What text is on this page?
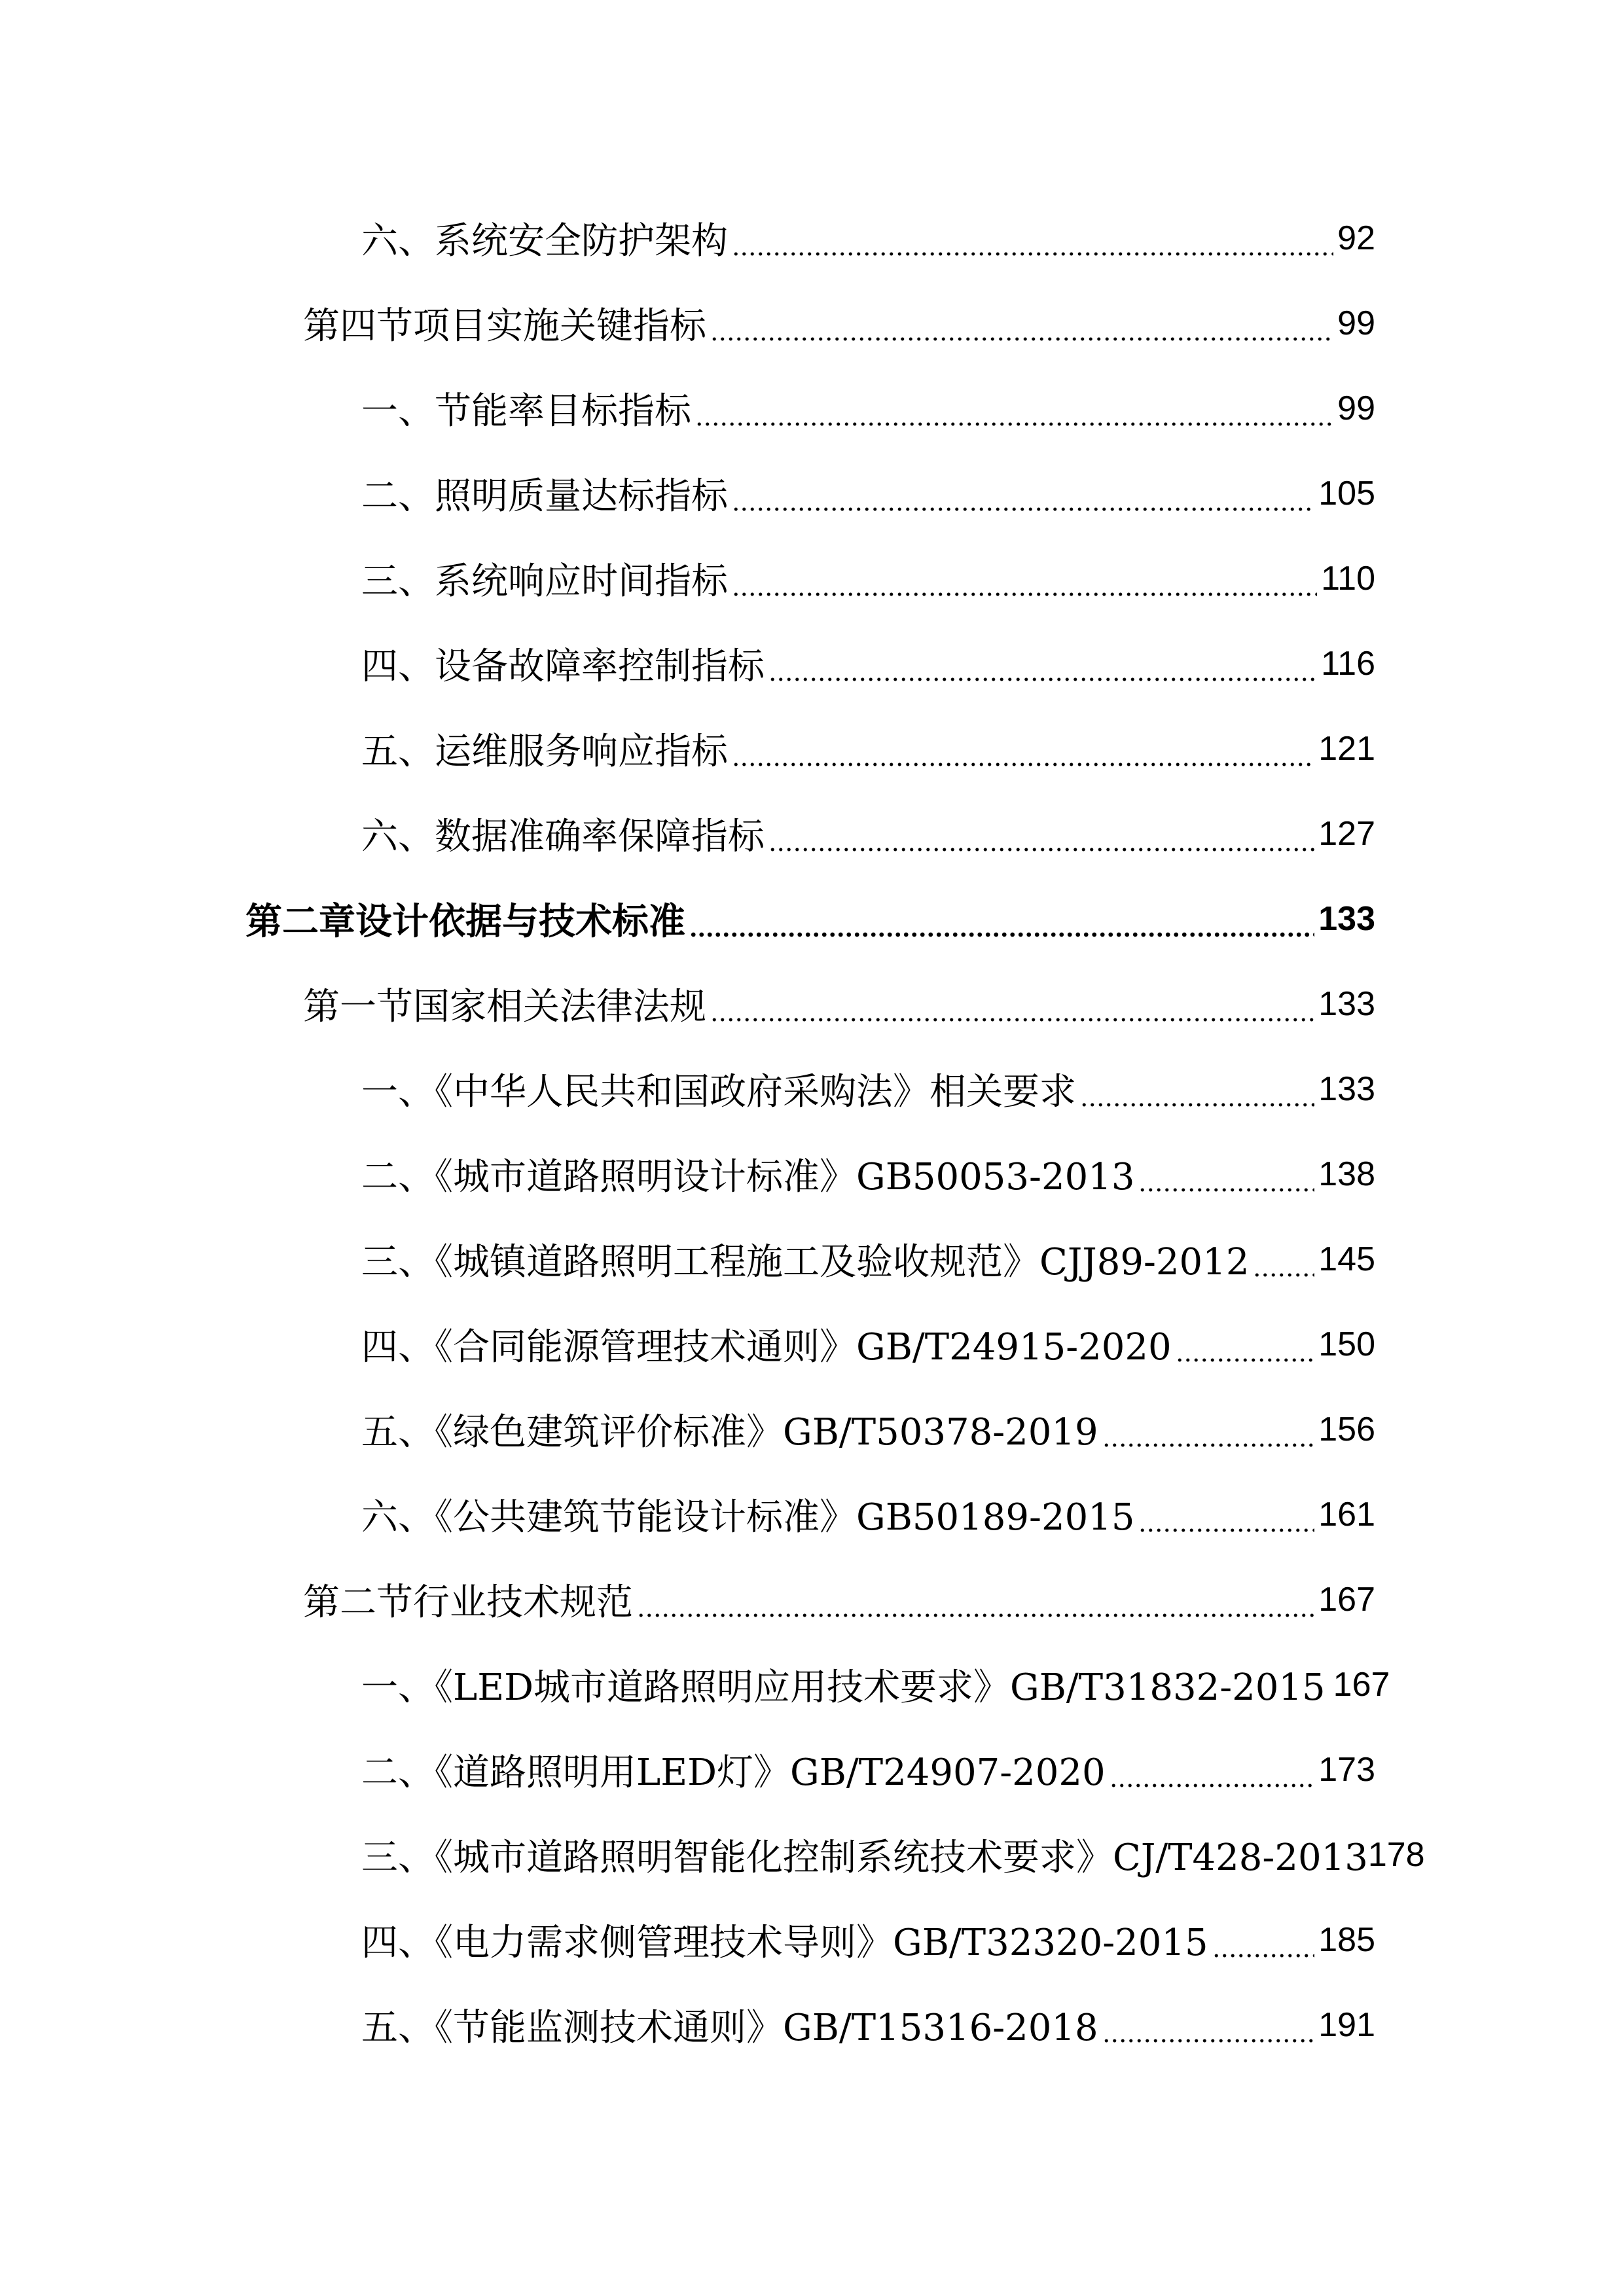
六、系统安全防护架构	92
第四节项目实施关键指标	99
一、节能率目标指标	99
二、照明质量达标指标	105
三、系统响应时间指标	110
四、设备故障率控制指标	116
五、运维服务响应指标	121
六、数据准确率保障指标	127
第二章设计依据与技术标准	133
第一节国家相关法律法规	133
一、《中华人民共和国政府采购法》相关要求	133
二、《城市道路照明设计标准》GB50053-2013	138
三、《城镇道路照明工程施工及验收规范》CJJ89-2012 145
四、《合同能源管理技术通则》GB/T24915-2020	150
五、《绿色建筑评价标准》GB/T50378-2019	156
六、《公共建筑节能设计标准》GB50189-2015	161
第二节行业技术规范	167
一、《LED城市道路照明应用技术要求》GB/T31832-2015 167
二、《道路照明用LED灯》GB/T24907-2020	173
三、《城市道路照明智能化控制系统技术要求》CJ/T428-2013 178
四、《电力需求侧管理技术导则》GB/T32320-2015	185
五、《节能监测技术通则》GB/T15316-2018	191
